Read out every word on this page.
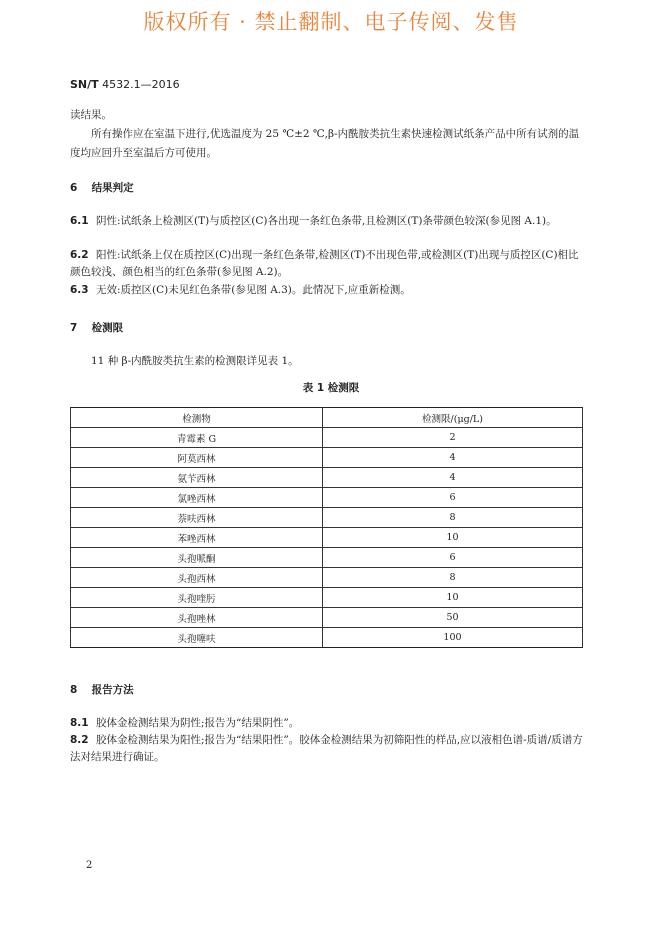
版权所有 · 禁止翻制、电子传阅、发售
SN/T 4532.1—2016
读结果。
所有操作应在室温下进行,优选温度为 25 ℃±2 ℃,β-内酰胺类抗生素快速检测试纸条产品中所有试剂的温度均应回升至室温后方可使用。
6 结果判定
6.1 阴性:试纸条上检测区(T)与质控区(C)各出现一条红色条带,且检测区(T)条带颜色较深(参见图 A.1)。
6.2 阳性:试纸条上仅在质控区(C)出现一条红色条带,检测区(T)不出现色带,或检测区(T)出现与质控区(C)相比颜色较浅、颜色相当的红色条带(参见图 A.2)。
6.3 无效:质控区(C)未见红色条带(参见图 A.3)。此情况下,应重新检测。
7 检测限
11 种 β-内酰胺类抗生素的检测限详见表 1。
表 1 检测限
检测物	检测限/(μg/L)
青霉素 G	2
阿莫西林	4
氨苄西林	4
氯唑西林	6
萘呋西林	8
苯唑西林	10
头孢哌酮	6
头孢西林	8
头孢喹肟	10
头孢唑林	50
头孢噻呋	100
8 报告方法
8.1 胶体金检测结果为阴性;报告为“结果阴性”。
8.2 胶体金检测结果为阳性;报告为“结果阳性”。胶体金检测结果为初筛阳性的样品,应以液相色谱-质谱/质谱方法对结果进行确证。
2
